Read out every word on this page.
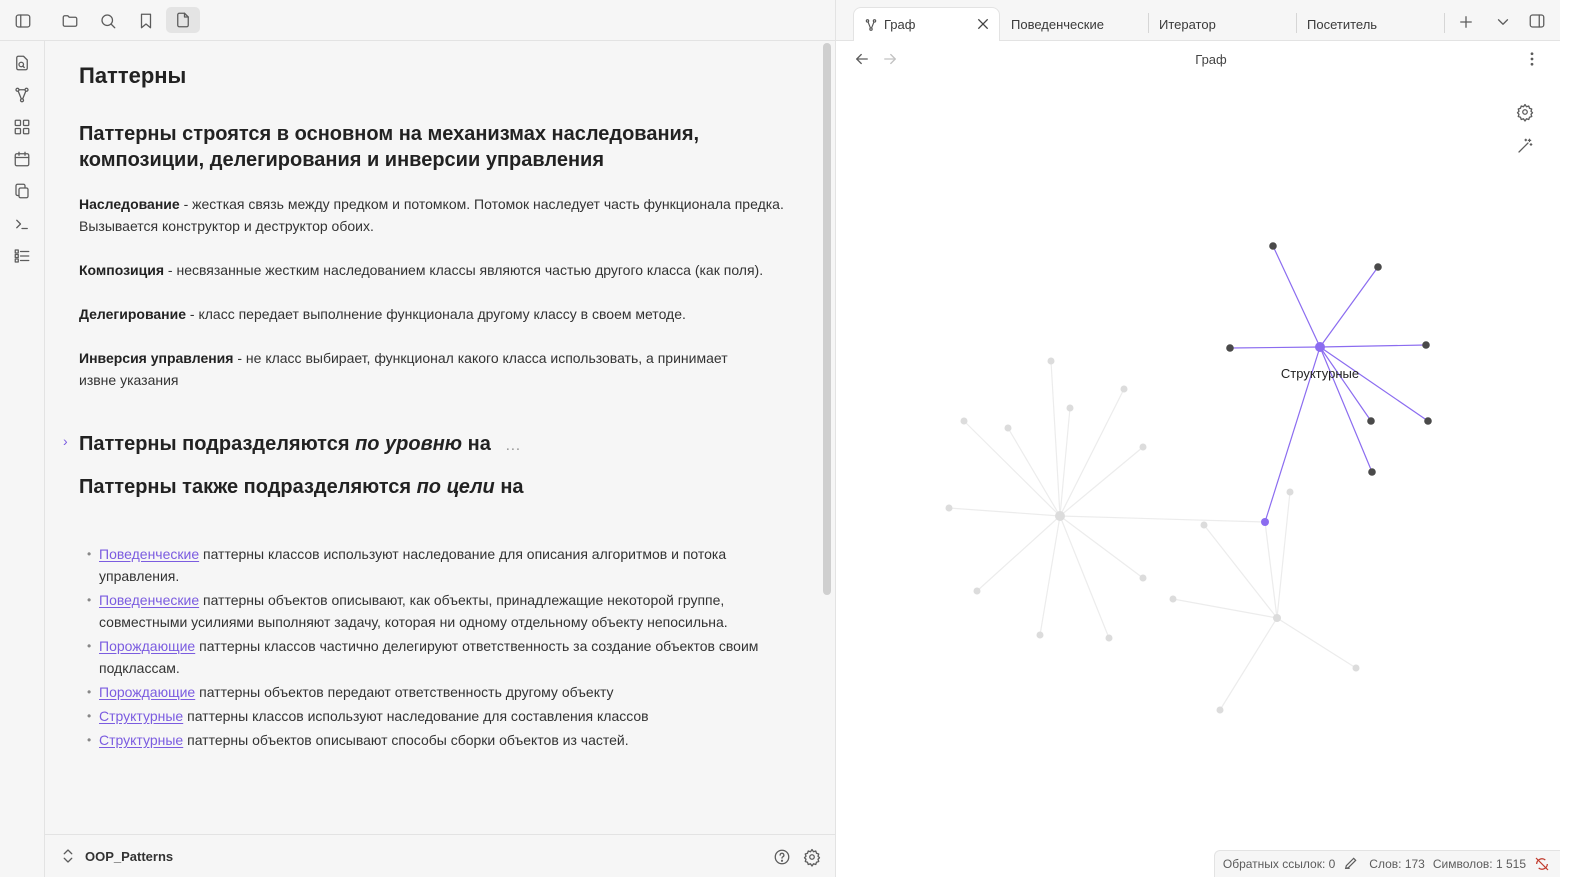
Паттерны
Паттерны строятся в основном на механизмах наследования, композиции, делегирования и инверсии управления

Наследование - жесткая связь между предком и потомком. Потомок наследует часть функционала предка. Вызывается конструктор и деструктор обоих.

Композиция - несвязанные жестким наследованием классы являются частью другого класса (как поля).

Делегирование - класс передает выполнение функционала другому классу в своем методе.

Инверсия управления - не класс выбирает, функционал какого класса использовать, а принимает извне указания

› Паттерны подразделяются по уровню на …
Паттерны также подразделяются по цели на
• Поведенческие паттерны классов используют наследование для описания алгоритмов и потока управления.
• Поведенческие паттерны объектов описывают, как объекты, принадлежащие некоторой группе, совместными усилиями выполняют задачу, которая ни одному отдельному объекту непосильна.
• Порождающие паттерны классов частично делегируют ответственность за создание объектов своим подклассам.
• Порождающие паттерны объектов передают ответственность другому объекту
• Структурные паттерны классов используют наследование для составления классов
• Структурные паттерны объектов описывают способы сборки объектов из частей.
OOP_Patterns
Граф	Поведенческие	Итератор	Посетитель
Граф
Структурные
Обратных ссылок: 0	Слов: 173 Символов: 1 515
